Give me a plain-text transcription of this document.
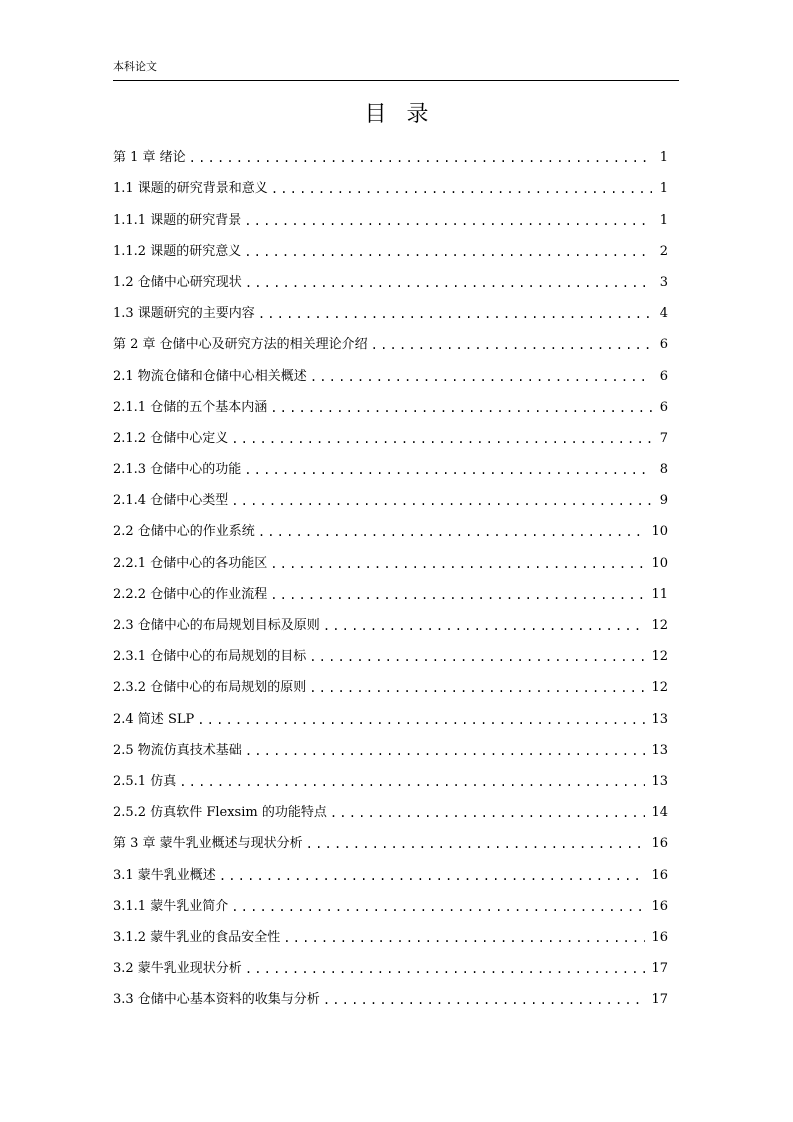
本科论文
目录
第 1 章 绪论 .....	1
1.1 课题的研究背景和意义 .....	1
1.1.1 课题的研究背景 .....	1
1.1.2 课题的研究意义 .....	2
1.2 仓储中心研究现状 .....	3
1.3 课题研究的主要内容 .....	4
第 2 章 仓储中心及研究方法的相关理论介绍 .....	6
2.1 物流仓储和仓储中心相关概述 .....	6
2.1.1 仓储的五个基本内涵 .....	6
2.1.2 仓储中心定义 .....	7
2.1.3 仓储中心的功能 .....	8
2.1.4 仓储中心类型 .....	9
2.2 仓储中心的作业系统 .....	10
2.2.1 仓储中心的各功能区 .....	10
2.2.2 仓储中心的作业流程 .....	11
2.3 仓储中心的布局规划目标及原则 .....	12
2.3.1 仓储中心的布局规划的目标 .....	12
2.3.2 仓储中心的布局规划的原则 .....	12
2.4 简述 SLP .....	13
2.5 物流仿真技术基础 .....	13
2.5.1 仿真 .....	13
2.5.2 仿真软件 Flexsim 的功能特点 .....	14
第 3 章 蒙牛乳业概述与现状分析 .....	16
3.1 蒙牛乳业概述 .....	16
3.1.1 蒙牛乳业简介 .....	16
3.1.2 蒙牛乳业的食品安全性 .....	16
3.2 蒙牛乳业现状分析 .....	17
3.3 仓储中心基本资料的收集与分析 .....	17
